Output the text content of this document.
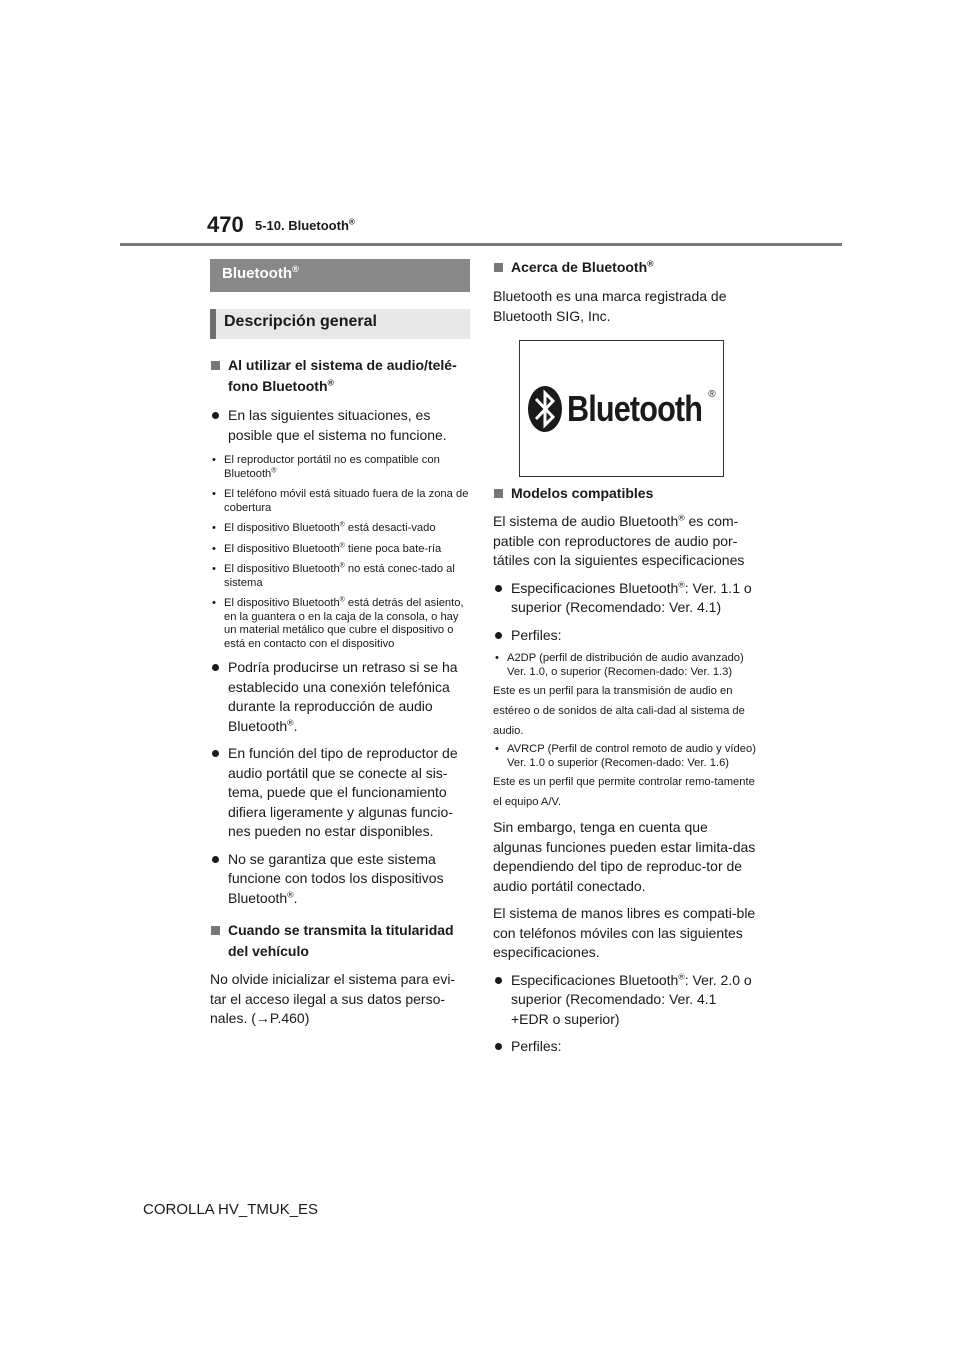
470 5-10. Bluetooth®
Bluetooth®
Descripción general
Al utilizar el sistema de audio/telé-fono Bluetooth®
En las siguientes situaciones, es posible que el sistema no funcione.
• El reproductor portátil no es compatible con Bluetooth®
• El teléfono móvil está situado fuera de la zona de cobertura
• El dispositivo Bluetooth® está desacti-vado
• El dispositivo Bluetooth® tiene poca bate-ría
• El dispositivo Bluetooth® no está conec-tado al sistema
• El dispositivo Bluetooth® está detrás del asiento, en la guantera o en la caja de la consola, o hay un material metálico que cubre el dispositivo o está en contacto con el dispositivo
Podría producirse un retraso si se ha establecido una conexión telefónica durante la reproducción de audio Bluetooth®.
En función del tipo de reproductor de audio portátil que se conecte al sis-tema, puede que el funcionamiento difiera ligeramente y algunas funcio-nes pueden no estar disponibles.
No se garantiza que este sistema funcione con todos los dispositivos Bluetooth®.
Cuando se transmita la titularidad del vehículo
No olvide inicializar el sistema para evi-tar el acceso ilegal a sus datos perso-nales. (→P.460)
Acerca de Bluetooth®
Bluetooth es una marca registrada de Bluetooth SIG, Inc.
Bluetooth ®
Modelos compatibles
El sistema de audio Bluetooth® es com-patible con reproductores de audio por-tátiles con la siguientes especificaciones
Especificaciones Bluetooth®: Ver. 1.1 o superior (Recomendado: Ver. 4.1)
Perfiles:
• A2DP (perfil de distribución de audio avanzado) Ver. 1.0, o superior (Recomen-dado: Ver. 1.3)
Este es un perfil para la transmisión de audio en estéreo o de sonidos de alta cali-dad al sistema de audio.
• AVRCP (Perfil de control remoto de audio y vídeo) Ver. 1.0 o superior (Recomen-dado: Ver. 1.6)
Este es un perfil que permite controlar remo-tamente el equipo A/V.
Sin embargo, tenga en cuenta que algunas funciones pueden estar limita-das dependiendo del tipo de reproduc-tor de audio portátil conectado.
El sistema de manos libres es compati-ble con teléfonos móviles con las siguientes especificaciones.
Especificaciones Bluetooth®: Ver. 2.0 o superior (Recomendado: Ver. 4.1 +EDR o superior)
Perfiles:
COROLLA HV_TMUK_ES
